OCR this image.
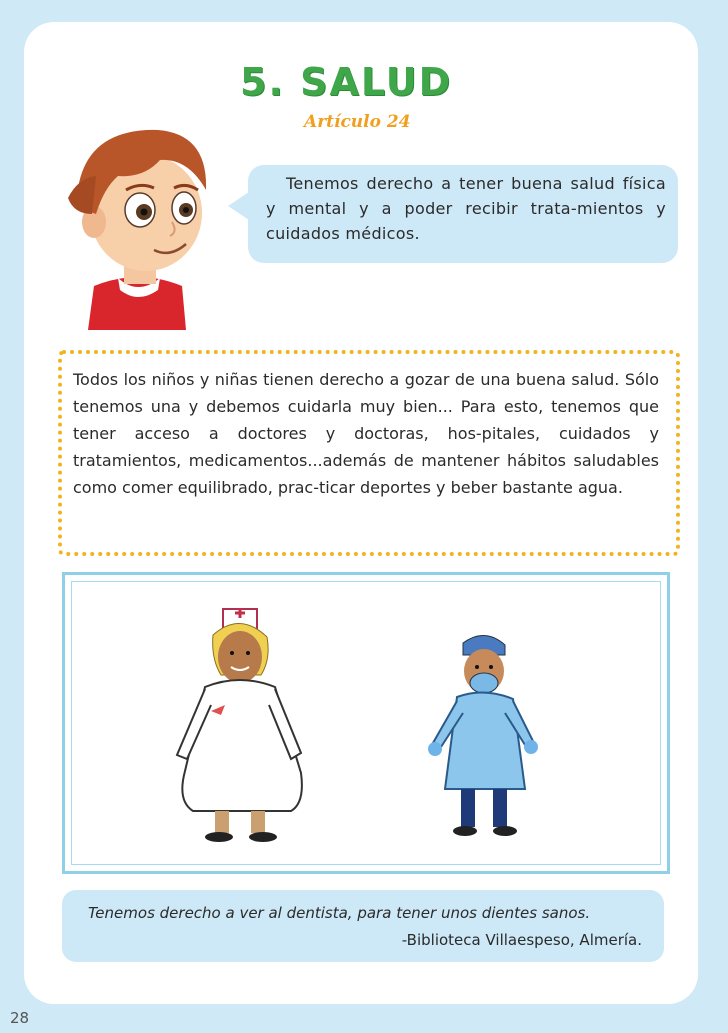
5. SALUD
Artículo 24
Tenemos derecho a tener buena salud física y mental y a poder recibir trata-mientos y cuidados médicos.
Todos los niños y niñas tienen derecho a gozar de una buena salud. Sólo tenemos una y debemos cuidarla muy bien... Para esto, tenemos que tener acceso a doctores y doctoras, hos-pitales, cuidados y tratamientos, medicamentos...además de mantener hábitos saludables como comer equilibrado, prac-ticar deportes y beber bastante agua.
Tenemos derecho a ver al dentista, para tener unos dientes sanos.
-Biblioteca Villaespeso, Almería.
28
